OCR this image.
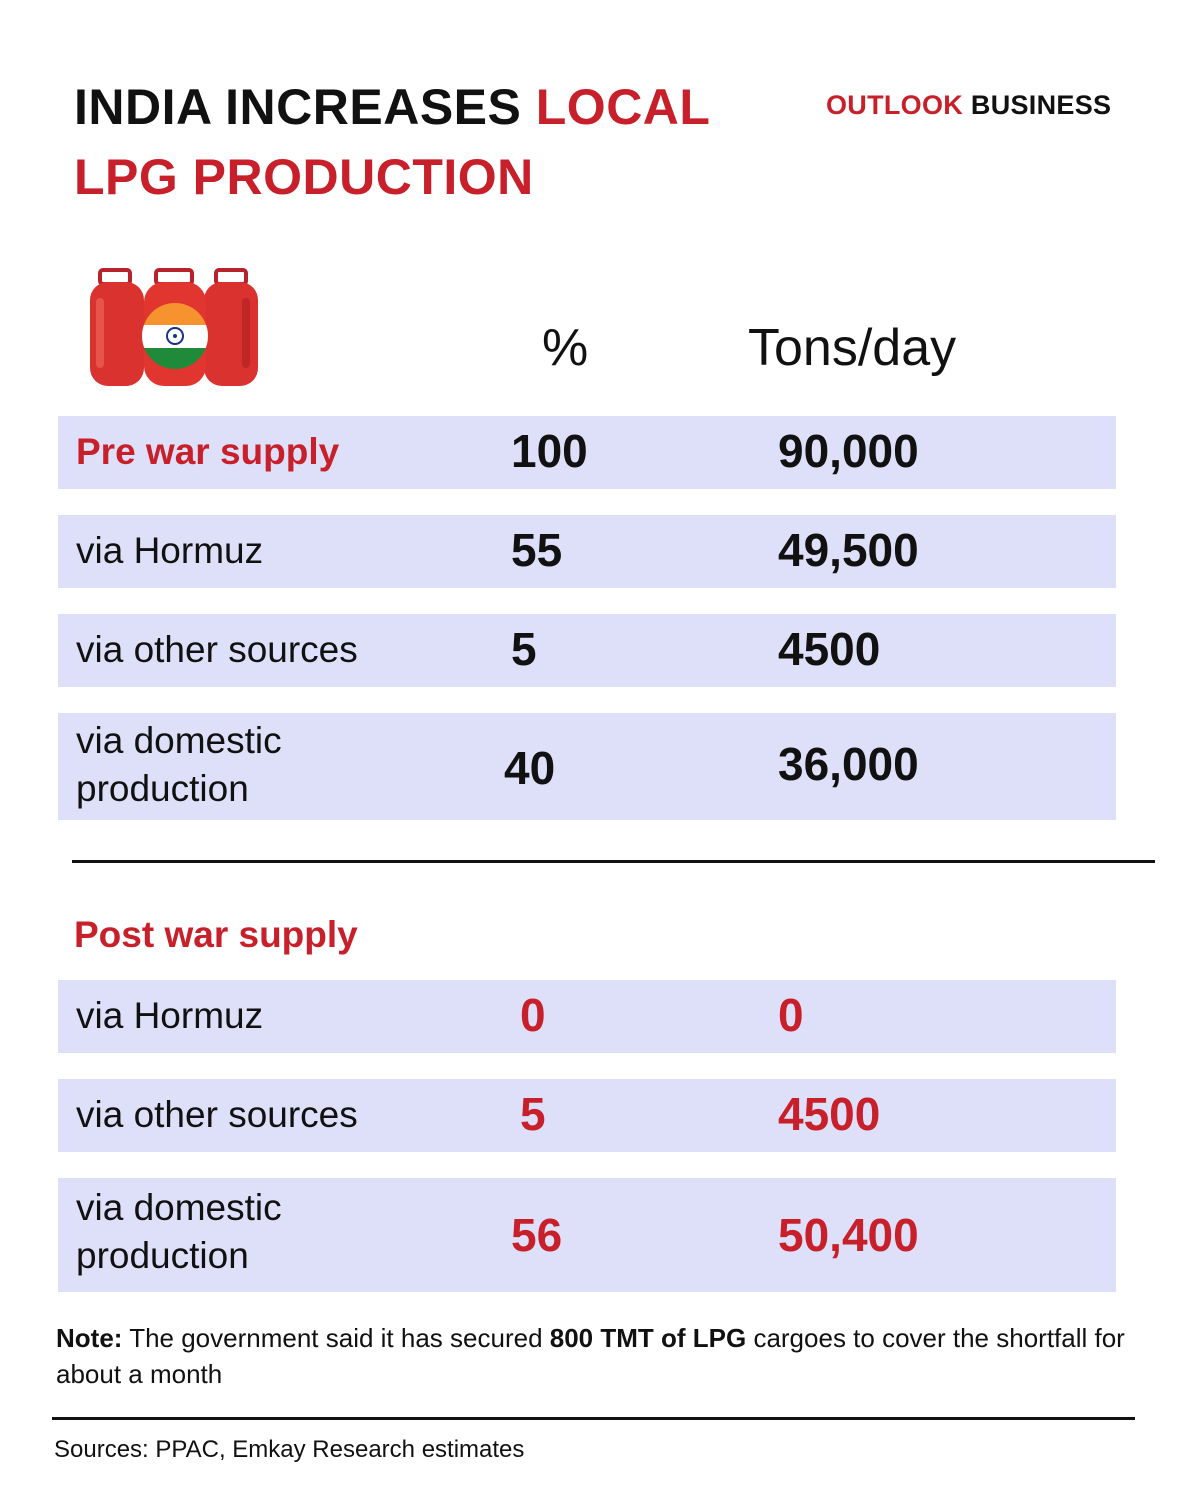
INDIA INCREASES LOCAL
LPG PRODUCTION
OUTLOOK BUSINESS
%	Tons/day
Pre war supply	100	90,000
via Hormuz	55	49,500
via other sources	5	4500
via domestic production	40	36,000
Post war supply
via Hormuz	0	0
via other sources	5	4500
via domestic production	56	50,400
Note: The government said it has secured 800 TMT of LPG cargoes to cover the shortfall for about a month
Sources: PPAC, Emkay Research estimates
